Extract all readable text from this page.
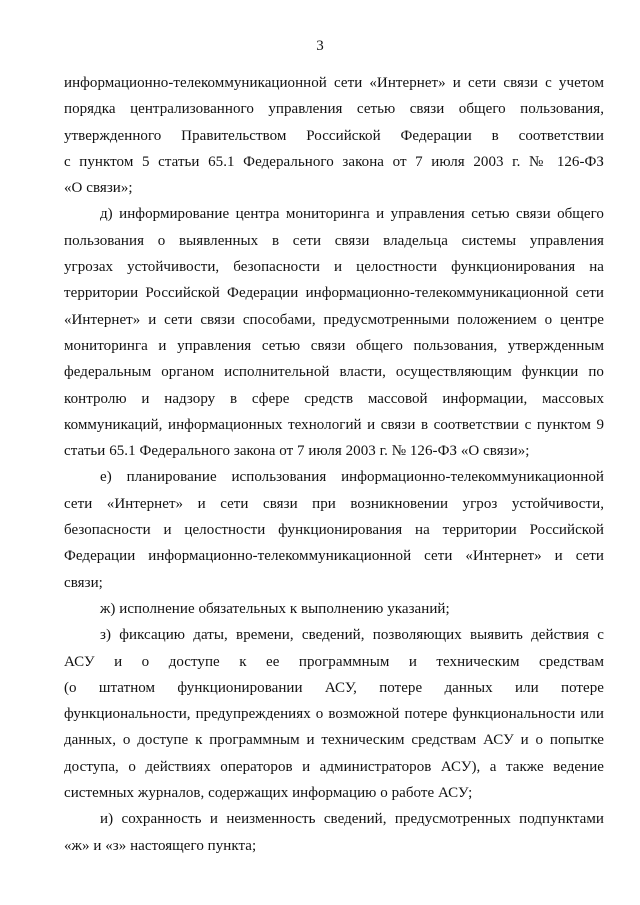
3
информационно-телекоммуникационной сети «Интернет» и сети связи с учетом
порядка централизованного управления сетью связи общего пользования,
утвержденного Правительством Российской Федерации в соответствии
с пунктом 5 статьи 65.1 Федерального закона от 7 июля 2003 г. № 126-ФЗ
«О связи»;
д) информирование центра мониторинга и управления сетью связи общего
пользования о выявленных в сети связи владельца системы управления
угрозах устойчивости, безопасности и целостности функционирования на
территории Российской Федерации информационно-телекоммуникационной сети
«Интернет» и сети связи способами, предусмотренными положением о центре
мониторинга и управления сетью связи общего пользования, утвержденным
федеральным органом исполнительной власти, осуществляющим функции по
контролю и надзору в сфере средств массовой информации, массовых
коммуникаций, информационных технологий и связи в соответствии с пунктом 9
статьи 65.1 Федерального закона от 7 июля 2003 г. № 126-ФЗ «О связи»;
е) планирование использования информационно-телекоммуникационной
сети «Интернет» и сети связи при возникновении угроз устойчивости,
безопасности и целостности функционирования на территории Российской
Федерации информационно-телекоммуникационной сети «Интернет» и сети
связи;
ж) исполнение обязательных к выполнению указаний;
з) фиксацию даты, времени, сведений, позволяющих выявить действия с
АСУ и о доступе к ее программным и техническим средствам
(о штатном функционировании АСУ, потере данных или потере
функциональности, предупреждениях о возможной потере функциональности или
данных, о доступе к программным и техническим средствам АСУ и о попытке
доступа, о действиях операторов и администраторов АСУ), а также ведение
системных журналов, содержащих информацию о работе АСУ;
и) сохранность и неизменность сведений, предусмотренных подпунктами
«ж» и «з» настоящего пункта;
